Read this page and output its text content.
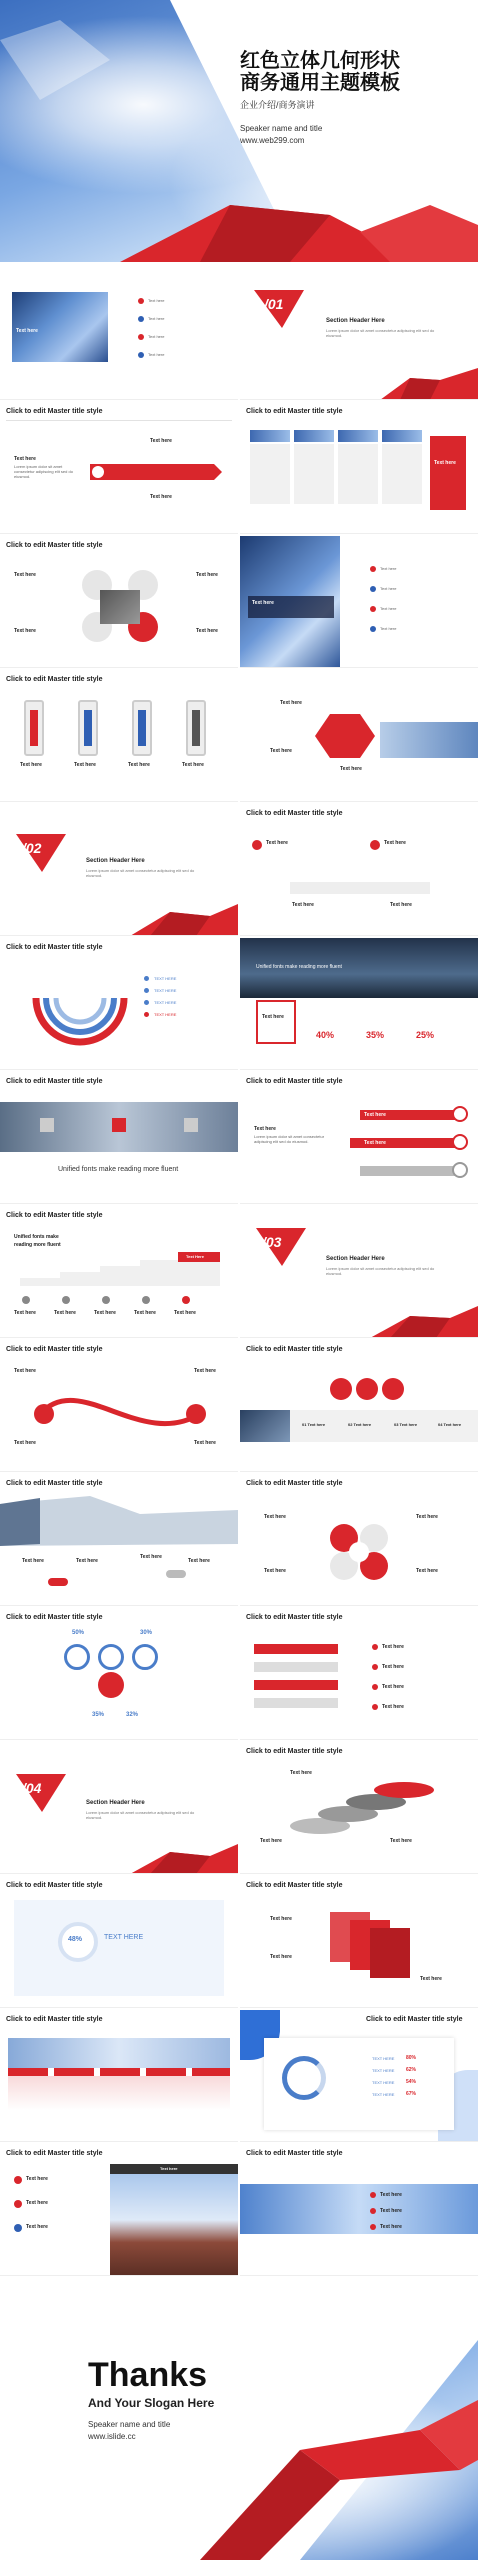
红色立体几何形状
商务通用主题模板
企业介绍/商务演讲
Speaker name and title
www.web299.com
Text here
Text here
Text here
Text here
Text here
/01
Section Header Here
Lorem ipsum dolor sit amet consectetur adipiscing elit sed do eiusmod.
Click to edit Master title style
Text here
Lorem ipsum dolor sit amet consectetur adipiscing elit sed do eiusmod.
Text here
Text here
Click to edit Master title style
Text here
Click to edit Master title style
Text here
Text here
Text here
Text here
Text here
Text here
Text here
Text here
Text here
Click to edit Master title style
Text here	Text here	Text here	Text here
Text here
Text here
Text here
/02
Section Header Here
Lorem ipsum dolor sit amet consectetur adipiscing elit sed do eiusmod.
Click to edit Master title style
Text here	Text here
Text here	Text here
Click to edit Master title style
TEXT HERE
TEXT HERE
TEXT HERE
TEXT HERE
Unified fonts make reading more fluent
Text here
40%	35%	25%
Click to edit Master title style
Unified fonts make reading more fluent
Click to edit Master title style
Text here
Lorem ipsum dolor sit amet consectetur adipiscing elit sed do eiusmod.
Text here
Text here
Click to edit Master title style
Unified fonts make
reading more fluent
Text Here
Text here	Text here	Text here	Text here	Text here
/03
Section Header Here
Lorem ipsum dolor sit amet consectetur adipiscing elit sed do eiusmod.
Click to edit Master title style
Text here	Text here
Text here	Text here
Click to edit Master title style
01 Text here	02 Text here	03 Text here	04 Text here
Click to edit Master title style
Text here	Text here
Text here
Text here
Click to edit Master title style
Text here
Text here
Text here
Text here
Click to edit Master title style
50%	30%
35%	32%
Click to edit Master title style
Text here
Text here
Text here
Text here
/04
Section Header Here
Lorem ipsum dolor sit amet consectetur adipiscing elit sed do eiusmod.
Click to edit Master title style
Text here
Text here
Text here
Click to edit Master title style
48%	TEXT HERE
Click to edit Master title style
Text here
Text here
Text here
Click to edit Master title style	Click to edit Master title style
TEXT HERE
TEXT HERE
TEXT HERE
TEXT HERE
80%
62%
54%
67%
Click to edit Master title style
Text here
Text here
Text here
Text here
Click to edit Master title style
Text here
Text here
Text here
Thanks
And Your Slogan Here
Speaker name and title
www.islide.cc
